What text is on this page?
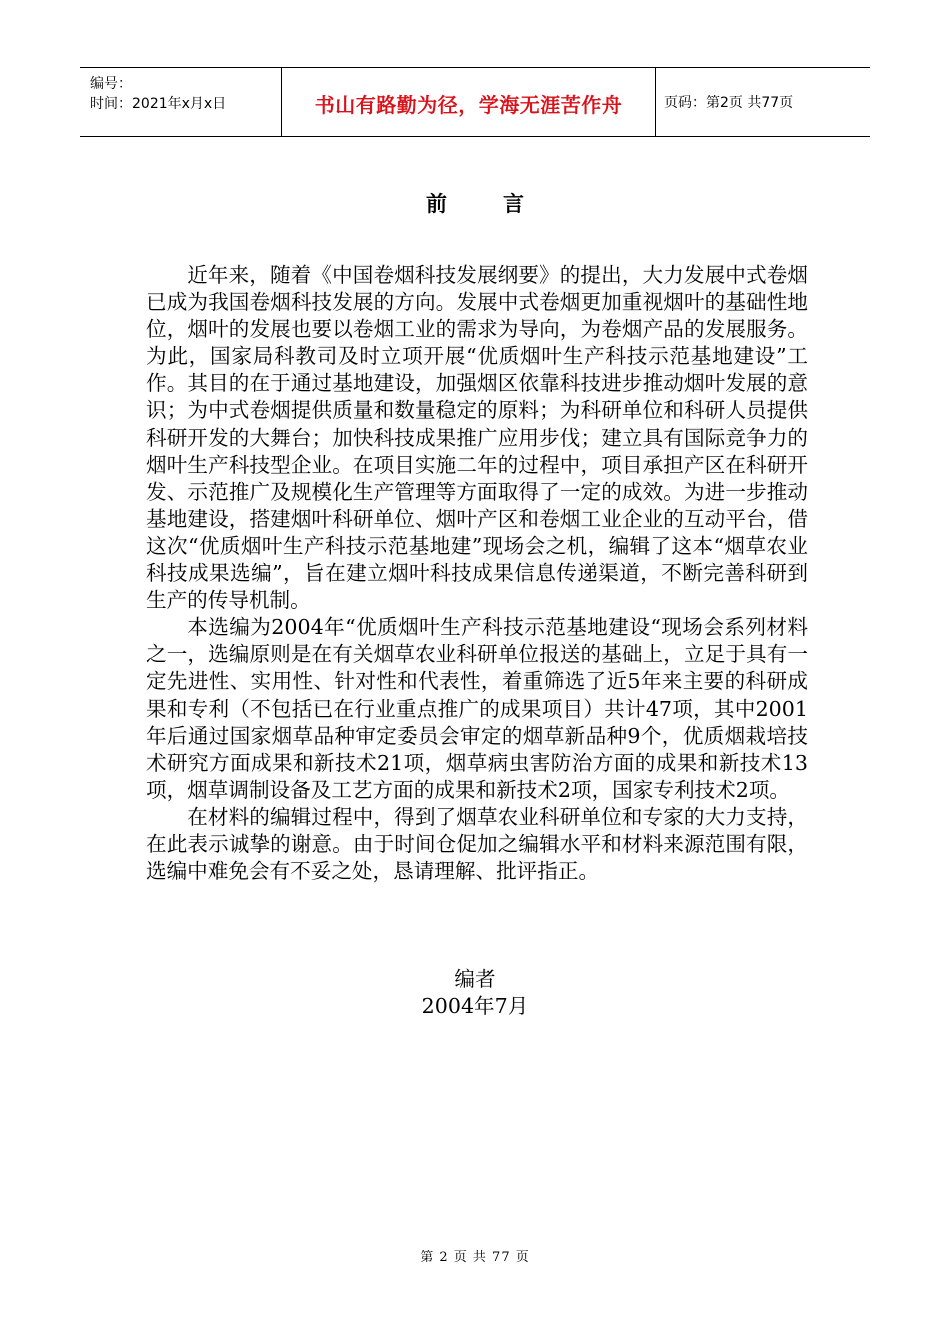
编号：
时间：2021年x月x日	书山有路勤为径，学海无涯苦作舟	页码：第2页 共77页
前言

近年来，随着《中国卷烟科技发展纲要》的提出，大力发展中式卷烟已成为我国卷烟科技发展的方向。发展中式卷烟更加重视烟叶的基础性地位，烟叶的发展也要以卷烟工业的需求为导向，为卷烟产品的发展服务。为此，国家局科教司及时立项开展“优质烟叶生产科技示范基地建设”工作。其目的在于通过基地建设，加强烟区依靠科技进步推动烟叶发展的意识；为中式卷烟提供质量和数量稳定的原料；为科研单位和科研人员提供科研开发的大舞台；加快科技成果推广应用步伐；建立具有国际竞争力的烟叶生产科技型企业。在项目实施二年的过程中，项目承担产区在科研开发、示范推广及规模化生产管理等方面取得了一定的成效。为进一步推动基地建设，搭建烟叶科研单位、烟叶产区和卷烟工业企业的互动平台，借这次“优质烟叶生产科技示范基地建”现场会之机，编辑了这本“烟草农业科技成果选编”，旨在建立烟叶科技成果信息传递渠道，不断完善科研到生产的传导机制。

本选编为2004年“优质烟叶生产科技示范基地建设“现场会系列材料之一，选编原则是在有关烟草农业科研单位报送的基础上，立足于具有一定先进性、实用性、针对性和代表性，着重筛选了近5年来主要的科研成果和专利（不包括已在行业重点推广的成果项目）共计47项，其中2001年后通过国家烟草品种审定委员会审定的烟草新品种9个，优质烟栽培技术研究方面成果和新技术21项，烟草病虫害防治方面的成果和新技术13项，烟草调制设备及工艺方面的成果和新技术2项，国家专利技术2项。

在材料的编辑过程中，得到了烟草农业科研单位和专家的大力支持，在此表示诚挚的谢意。由于时间仓促加之编辑水平和材料来源范围有限，选编中难免会有不妥之处，恳请理解、批评指正。

编者
2004年7月
第 2 页 共 77 页
